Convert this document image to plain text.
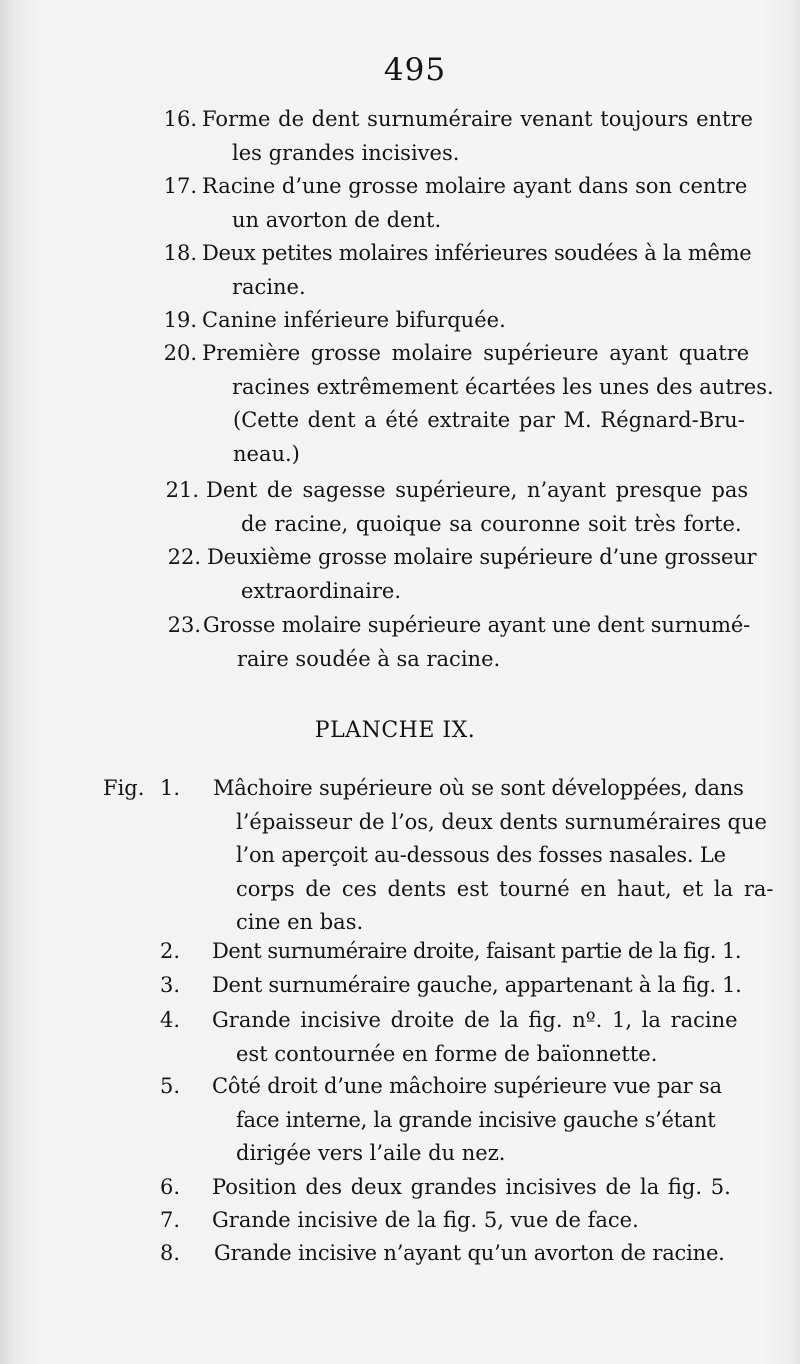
495
16. Forme de dent surnuméraire venant toujours entre
les grandes incisives.
17. Racine d’une grosse molaire ayant dans son centre
un avorton de dent.
18. Deux petites molaires inférieures soudées à la même
racine.
19. Canine inférieure bifurquée.
20. Première grosse molaire supérieure ayant quatre
racines extrêmement écartées les unes des autres.
(Cette dent a été extraite par M. Régnard-Bru-
neau.)
21. Dent de sagesse supérieure, n’ayant presque pas
de racine, quoique sa couronne soit très forte.
22. Deuxième grosse molaire supérieure d’une grosseur
extraordinaire.
23. Grosse molaire supérieure ayant une dent surnumé-
raire soudée à sa racine.
PLANCHE IX.
Fig. 1. Mâchoire supérieure où se sont développées, dans
l’épaisseur de l’os, deux dents surnuméraires que
l’on aperçoit au-dessous des fosses nasales. Le
corps de ces dents est tourné en haut, et la ra-
cine en bas.
2. Dent surnuméraire droite, faisant partie de la fig. 1.
3. Dent surnuméraire gauche, appartenant à la fig. 1.
4. Grande incisive droite de la fig. nº. 1, la racine
est contournée en forme de baïonnette.
5. Côté droit d’une mâchoire supérieure vue par sa
face interne, la grande incisive gauche s’étant
dirigée vers l’aile du nez.
6. Position des deux grandes incisives de la fig. 5.
7. Grande incisive de la fig. 5, vue de face.
8. Grande incisive n’ayant qu’un avorton de racine.
